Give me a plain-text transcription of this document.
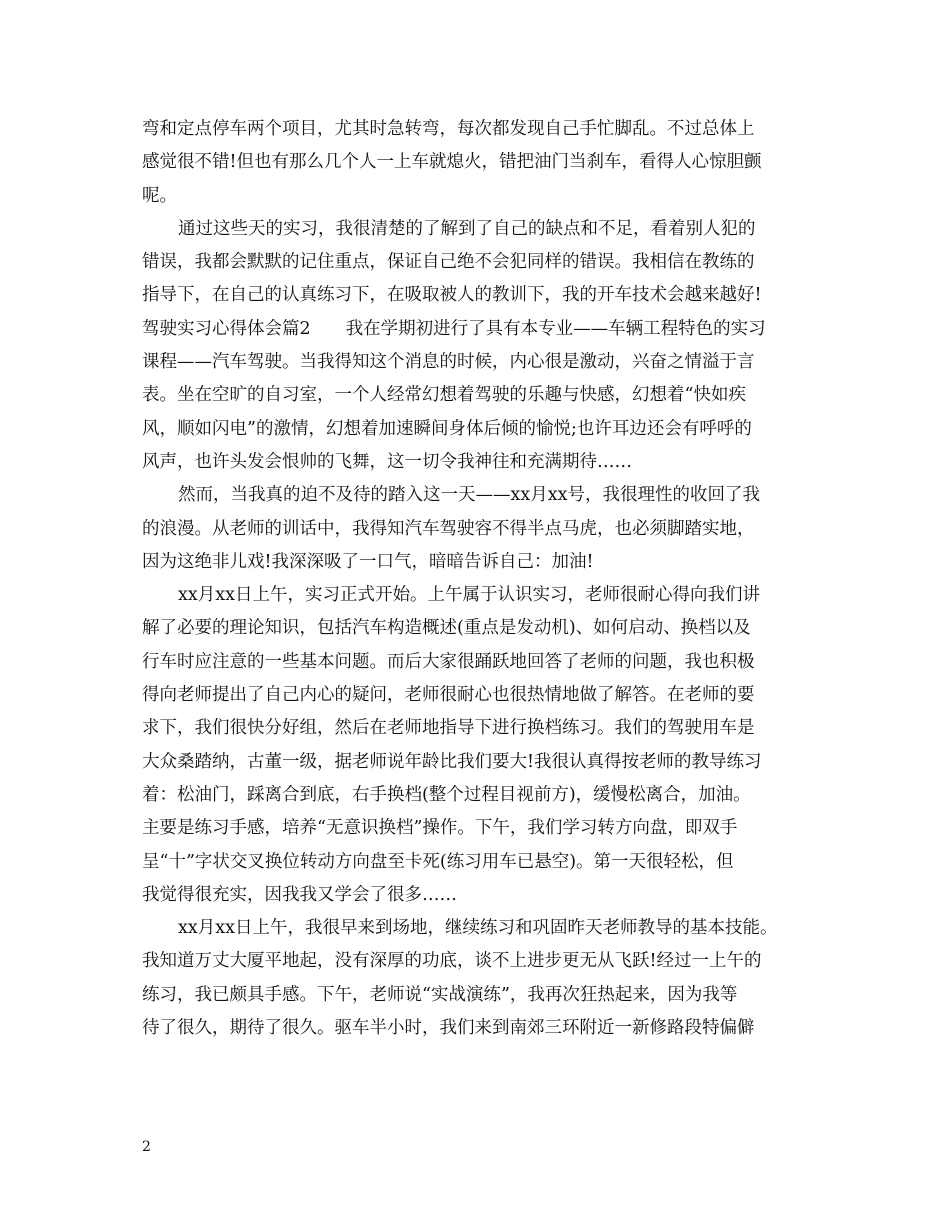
弯和定点停车两个项目，尤其时急转弯，每次都发现自己手忙脚乱。不过总体上
感觉很不错!但也有那么几个人一上车就熄火，错把油门当刹车，看得人心惊胆颤
呢。
通过这些天的实习，我很清楚的了解到了自己的缺点和不足，看着别人犯的
错误，我都会默默的记住重点，保证自己绝不会犯同样的错误。我相信在教练的
指导下，在自己的认真练习下，在吸取被人的教训下，我的开车技术会越来越好!
驾驶实习心得体会篇2　　我在学期初进行了具有本专业——车辆工程特色的实习
课程——汽车驾驶。当我得知这个消息的时候，内心很是激动，兴奋之情溢于言
表。坐在空旷的自习室，一个人经常幻想着驾驶的乐趣与快感，幻想着“快如疾
风，顺如闪电”的激情，幻想着加速瞬间身体后倾的愉悦;也许耳边还会有呼呼的
风声，也许头发会恨帅的飞舞，这一切令我神往和充满期待……
然而，当我真的迫不及待的踏入这一天——xx月xx号，我很理性的收回了我
的浪漫。从老师的训话中，我得知汽车驾驶容不得半点马虎，也必须脚踏实地，
因为这绝非儿戏!我深深吸了一口气，暗暗告诉自己：加油!
xx月xx日上午，实习正式开始。上午属于认识实习，老师很耐心得向我们讲
解了必要的理论知识，包括汽车构造概述(重点是发动机)、如何启动、换档以及
行车时应注意的一些基本问题。而后大家很踊跃地回答了老师的问题，我也积极
得向老师提出了自己内心的疑问，老师很耐心也很热情地做了解答。在老师的要
求下，我们很快分好组，然后在老师地指导下进行换档练习。我们的驾驶用车是
大众桑踏纳，古董一级，据老师说年龄比我们要大!我很认真得按老师的教导练习
着：松油门，踩离合到底，右手换档(整个过程目视前方)，缓慢松离合，加油。
主要是练习手感，培养“无意识换档”操作。下午，我们学习转方向盘，即双手
呈“十”字状交叉换位转动方向盘至卡死(练习用车已悬空)。第一天很轻松，但
我觉得很充实，因我我又学会了很多……
xx月xx日上午，我很早来到场地，继续练习和巩固昨天老师教导的基本技能。
我知道万丈大厦平地起，没有深厚的功底，谈不上进步更无从飞跃!经过一上午的
练习，我已颇具手感。下午，老师说“实战演练”，我再次狂热起来，因为我等
待了很久，期待了很久。驱车半小时，我们来到南郊三环附近一新修路段特偏僻
2
